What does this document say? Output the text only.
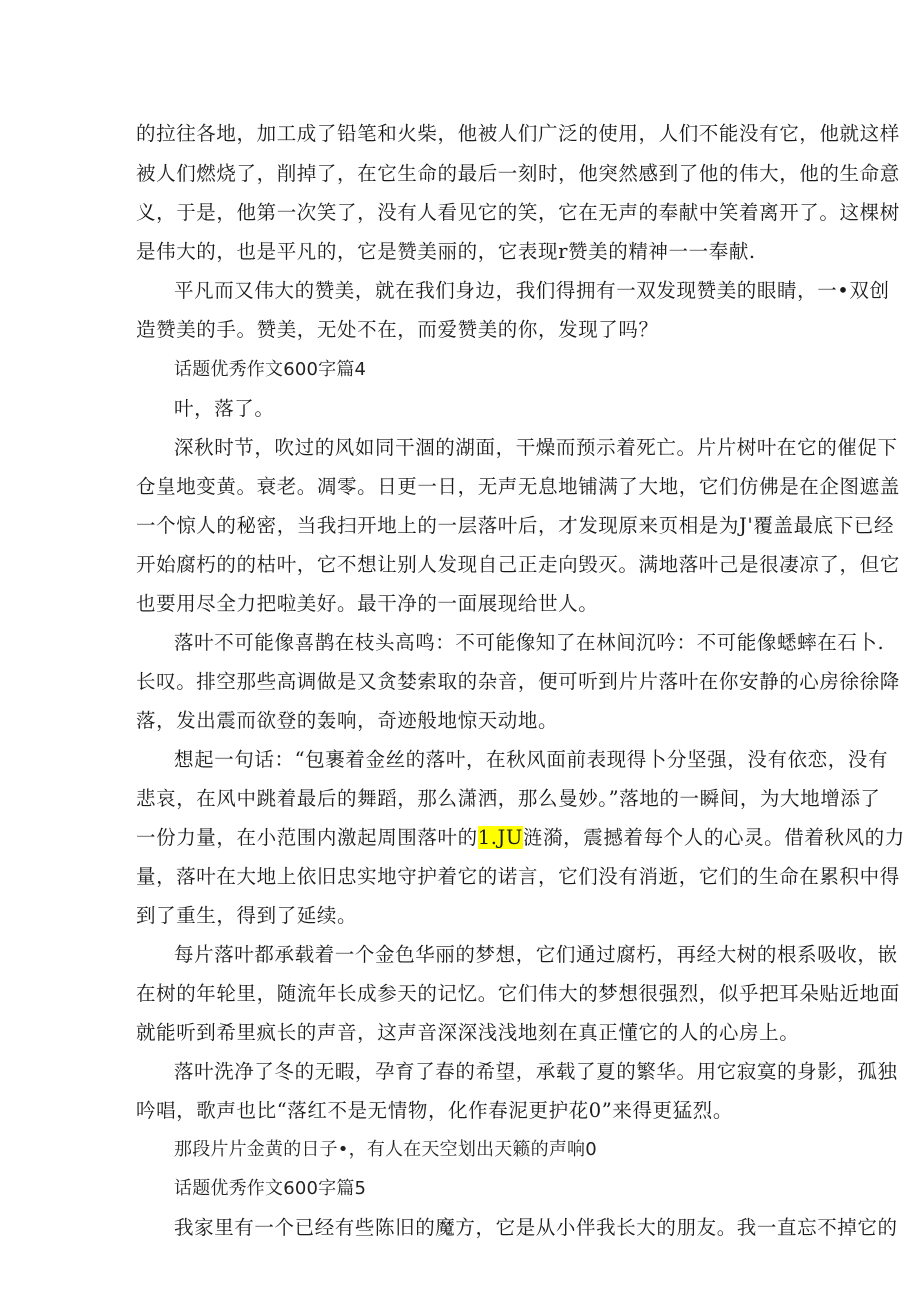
的拉往各地，加工成了铅笔和火柴，他被人们广泛的使用，人们不能没有它，他就这样
被人们燃烧了，削掉了，在它生命的最后一刻时，他突然感到了他的伟大，他的生命意
义，于是，他第一次笑了，没有人看见它的笑，它在无声的奉献中笑着离开了。这棵树
是伟大的，也是平凡的，它是赞美丽的，它表现r赞美的精神一一奉献.
平凡而又伟大的赞美，就在我们身边，我们得拥有一双发现赞美的眼睛，一•双创
造赞美的手。赞美，无处不在，而爱赞美的你，发现了吗？
话题优秀作文600字篇4
叶，落了。
深秋时节，吹过的风如同干涸的湖面，干燥而预示着死亡。片片树叶在它的催促下
仓皇地变黄。衰老。凋零。日更一日，无声无息地铺满了大地，它们仿佛是在企图遮盖
一个惊人的秘密，当我扫开地上的一层落叶后，才发现原来页相是为J'覆盖最底下已经
开始腐朽的的枯叶，它不想让别人发现自己正走向毁灭。满地落叶己是很凄凉了，但它
也要用尽全力把啦美好。最干净的一面展现给世人。
落叶不可能像喜鹊在枝头高鸣：不可能像知了在林间沉吟：不可能像蟋蟀在石卜.
长叹。排空那些高调做是又贪婪索取的杂音，便可听到片片落叶在你安静的心房徐徐降
落，发出震而欲登的轰响，奇迹般地惊天动地。
想起一句话：“包裹着金丝的落叶，在秋风面前表现得卜分坚强，没有依恋，没有
悲哀，在风中跳着最后的舞蹈，那么潇洒，那么曼妙。”落地的一瞬间，为大地增添了
一份力量，在小范围内激起周围落叶的1.JU涟漪，震撼着每个人的心灵。借着秋风的力
量，落叶在大地上依旧忠实地守护着它的诺言，它们没有消逝，它们的生命在累积中得
到了重生，得到了延续。
每片落叶都承载着一个金色华丽的梦想，它们通过腐朽，再经大树的根系吸收，嵌
在树的年轮里，随流年长成参天的记忆。它们伟大的梦想很强烈，似乎把耳朵贴近地面
就能听到希里疯长的声音，这声音深深浅浅地刻在真正懂它的人的心房上。
落叶洗净了冬的无暇，孕育了春的希望，承载了夏的繁华。用它寂寞的身影，孤独
吟唱，歌声也比“落红不是无情物，化作春泥更护花0”来得更猛烈。
那段片片金黄的日子•，有人在天空划出天籁的声响0
话题优秀作文600字篇5
我家里有一个已经有些陈旧的魔方，它是从小伴我长大的朋友。我一直忘不掉它的
